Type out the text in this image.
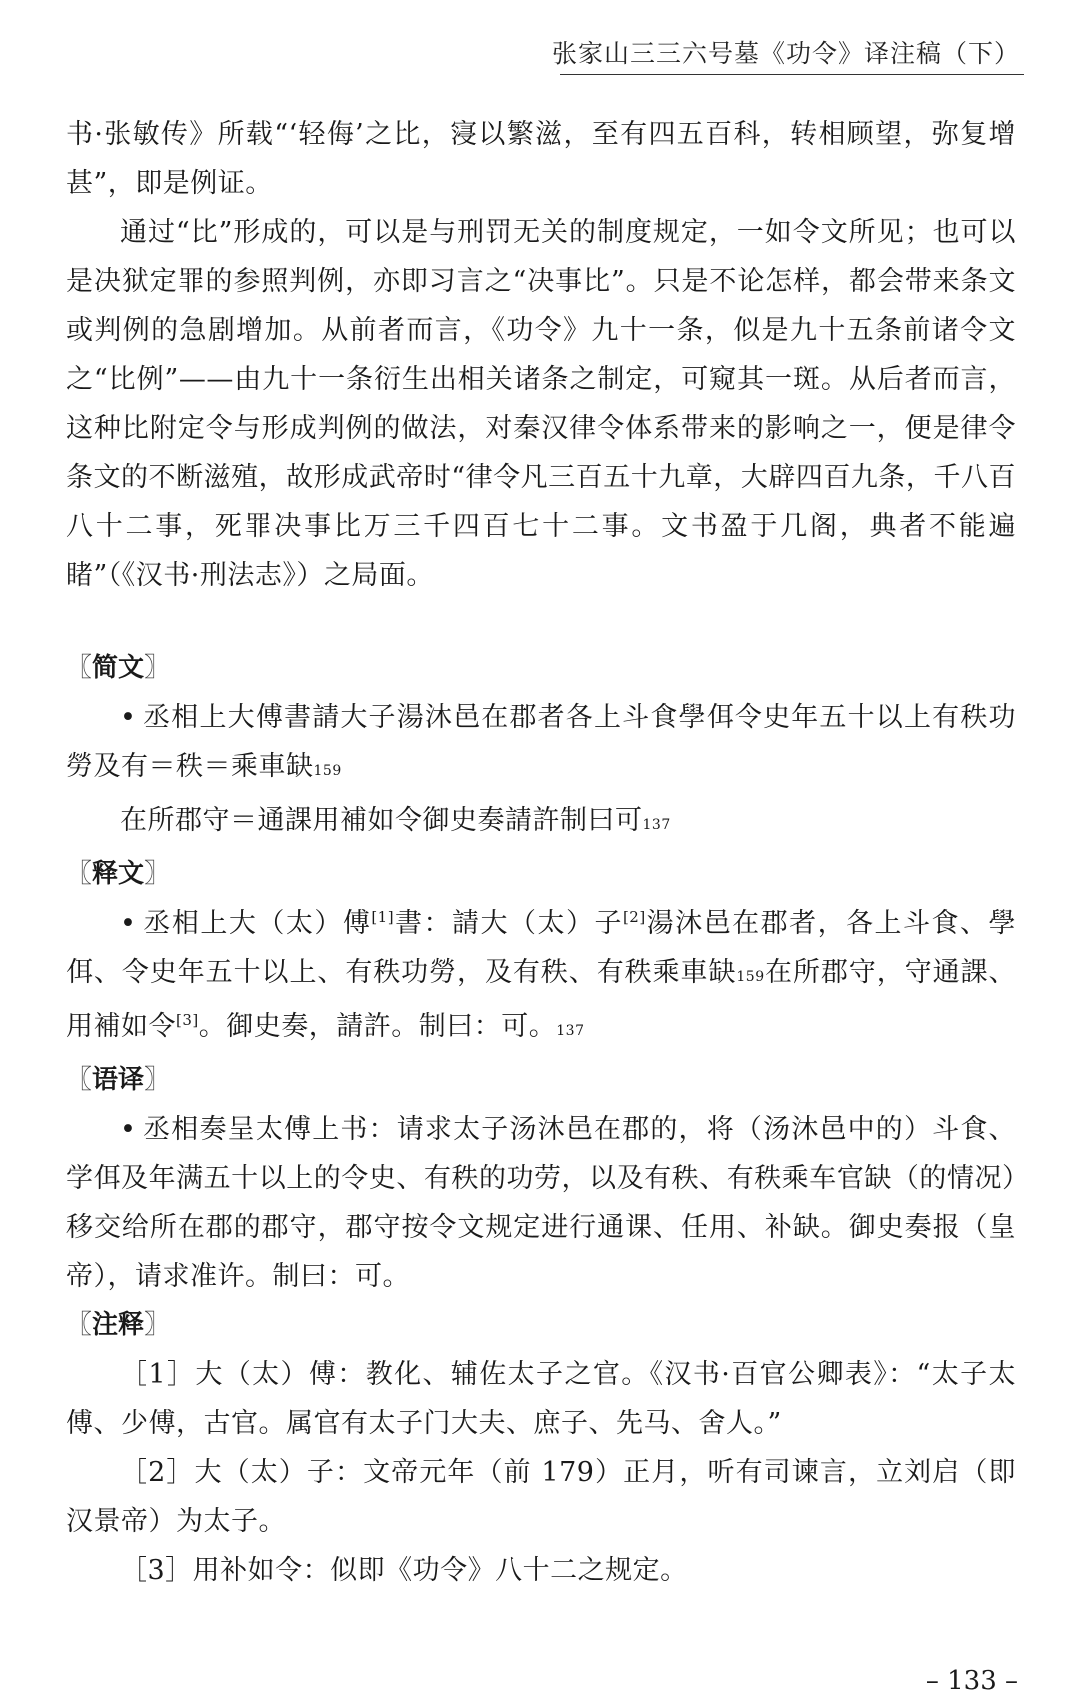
张家山三三六号墓《功令》译注稿（下）

书·张敏传》所载“‘轻侮’之比，寖以繁滋，至有四五百科，转相顾望，弥复增甚”，即是例证。

通过“比”形成的，可以是与刑罚无关的制度规定，一如令文所见；也可以是决狱定罪的参照判例，亦即习言之“决事比”。只是不论怎样，都会带来条文或判例的急剧增加。从前者而言，《功令》九十一条，似是九十五条前诸令文之“比例”——由九十一条衍生出相关诸条之制定，可窥其一斑。从后者而言，这种比附定令与形成判例的做法，对秦汉律令体系带来的影响之一，便是律令条文的不断滋殖，故形成武帝时“律令凡三百五十九章，大辟四百九条，千八百八十二事，死罪决事比万三千四百七十二事。文书盈于几阁，典者不能遍睹”（《汉书·刑法志》）之局面。

〖简文〗

• 丞相上大傅書請大子湯沐邑在郡者各上斗食學佴令史年五十以上有秩功勞及有＝秩＝乘車缺159

在所郡守＝通課用補如令御史奏請許制曰可137

〖释文〗

• 丞相上大（太）傅[1]書：請大（太）子[2]湯沐邑在郡者，各上斗食、學佴、令史年五十以上、有秩功勞，及有秩、有秩乘車缺159在所郡守，守通課、用補如令[3]。御史奏，請許。制曰：可。137

〖语译〗

• 丞相奏呈太傅上书：请求太子汤沐邑在郡的，将（汤沐邑中的）斗食、学佴及年满五十以上的令史、有秩的功劳，以及有秩、有秩乘车官缺（的情况）移交给所在郡的郡守，郡守按令文规定进行通课、任用、补缺。御史奏报（皇帝），请求准许。制曰：可。

〖注释〗

［1］大（太）傅：教化、辅佐太子之官。《汉书·百官公卿表》：“太子太傅、少傅，古官。属官有太子门大夫、庶子、先马、舍人。”

［2］大（太）子：文帝元年（前 179）正月，听有司谏言，立刘启（即汉景帝）为太子。

［3］用补如令：似即《功令》八十二之规定。

– 133 –
